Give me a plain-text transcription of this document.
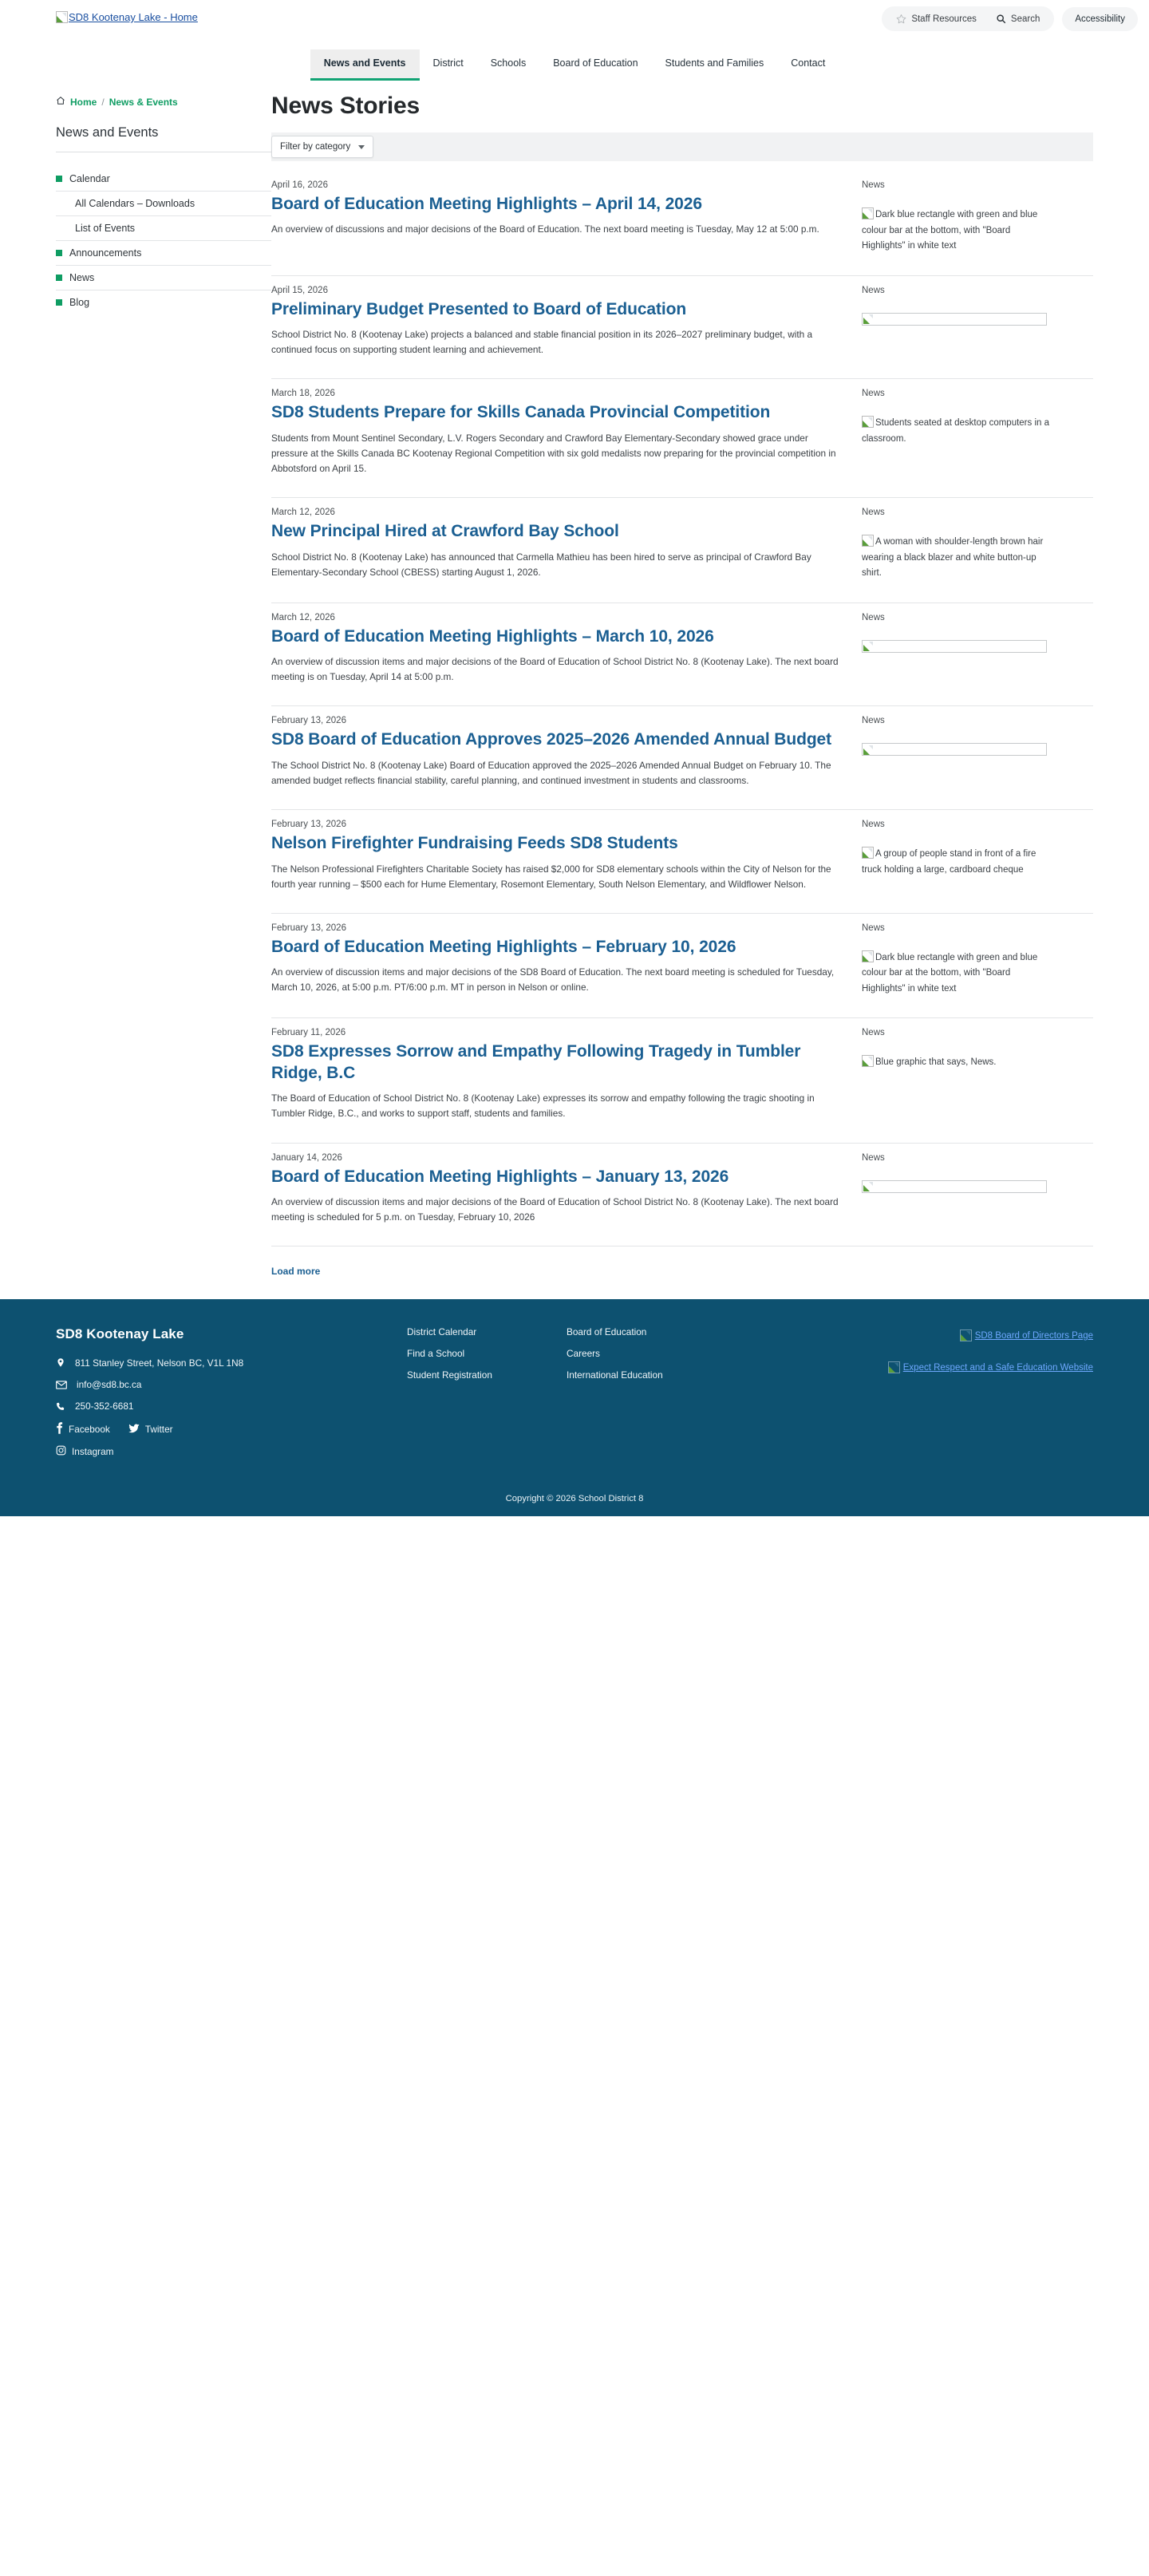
SD8 Kootenay Lake - Home	Staff Resources	Search	Accessibility
News and Events	District	Schools	Board of Education	Students and Families	Contact
Home / News & Events
News and Events
Calendar
All Calendars – Downloads
List of Events
Announcements
News
Blog
News Stories
Filter by category
April 16, 2026
Board of Education Meeting Highlights – April 14, 2026

An overview of discussions and major decisions of the Board of Education. The next board meeting is Tuesday, May 12 at 5:00 p.m.

News
Dark blue rectangle with green and blue colour bar at the bottom, with "Board Highlights" in white text
April 15, 2026
Preliminary Budget Presented to Board of Education

School District No. 8 (Kootenay Lake) projects a balanced and stable financial position in its 2026–2027 preliminary budget, with a continued focus on supporting student learning and achievement.

News
March 18, 2026
SD8 Students Prepare for Skills Canada Provincial Competition

Students from Mount Sentinel Secondary, L.V. Rogers Secondary and Crawford Bay Elementary-Secondary showed grace under pressure at the Skills Canada BC Kootenay Regional Competition with six gold medalists now preparing for the provincial competition in Abbotsford on April 15.

News
Students seated at desktop computers in a classroom.
March 12, 2026
New Principal Hired at Crawford Bay School

School District No. 8 (Kootenay Lake) has announced that Carmella Mathieu has been hired to serve as principal of Crawford Bay Elementary-Secondary School (CBESS) starting August 1, 2026.

News
A woman with shoulder-length brown hair wearing a black blazer and white button-up shirt.
March 12, 2026
Board of Education Meeting Highlights – March 10, 2026

An overview of discussion items and major decisions of the Board of Education of School District No. 8 (Kootenay Lake). The next board meeting is on Tuesday, April 14 at 5:00 p.m.

News
February 13, 2026
SD8 Board of Education Approves 2025–2026 Amended Annual Budget

The School District No. 8 (Kootenay Lake) Board of Education approved the 2025–2026 Amended Annual Budget on February 10. The amended budget reflects financial stability, careful planning, and continued investment in students and classrooms.

News
February 13, 2026
Nelson Firefighter Fundraising Feeds SD8 Students

The Nelson Professional Firefighters Charitable Society has raised $2,000 for SD8 elementary schools within the City of Nelson for the fourth year running – $500 each for Hume Elementary, Rosemont Elementary, South Nelson Elementary, and Wildflower Nelson.

News
A group of people stand in front of a fire truck holding a large, cardboard cheque
February 13, 2026
Board of Education Meeting Highlights – February 10, 2026

An overview of discussion items and major decisions of the SD8 Board of Education. The next board meeting is scheduled for Tuesday, March 10, 2026, at 5:00 p.m. PT/6:00 p.m. MT in person in Nelson or online.

News
Dark blue rectangle with green and blue colour bar at the bottom, with "Board Highlights" in white text
February 11, 2026
SD8 Expresses Sorrow and Empathy Following Tragedy in Tumbler Ridge, B.C

The Board of Education of School District No. 8 (Kootenay Lake) expresses its sorrow and empathy following the tragic shooting in Tumbler Ridge, B.C., and works to support staff, students and families.

News
Blue graphic that says, News.
January 14, 2026
Board of Education Meeting Highlights – January 13, 2026

An overview of discussion items and major decisions of the Board of Education of School District No. 8 (Kootenay Lake). The next board meeting is scheduled for 5 p.m. on Tuesday, February 10, 2026

News
Load more
SD8 Kootenay Lake
811 Stanley Street, Nelson BC, V1L 1N8
info@sd8.bc.ca
250-352-6681
Facebook	Twitter
Instagram
District Calendar
Find a School
Student Registration
Board of Education
Careers
International Education
SD8 Board of Directors Page
Expect Respect and a Safe Education Website
Copyright © 2026 School District 8
